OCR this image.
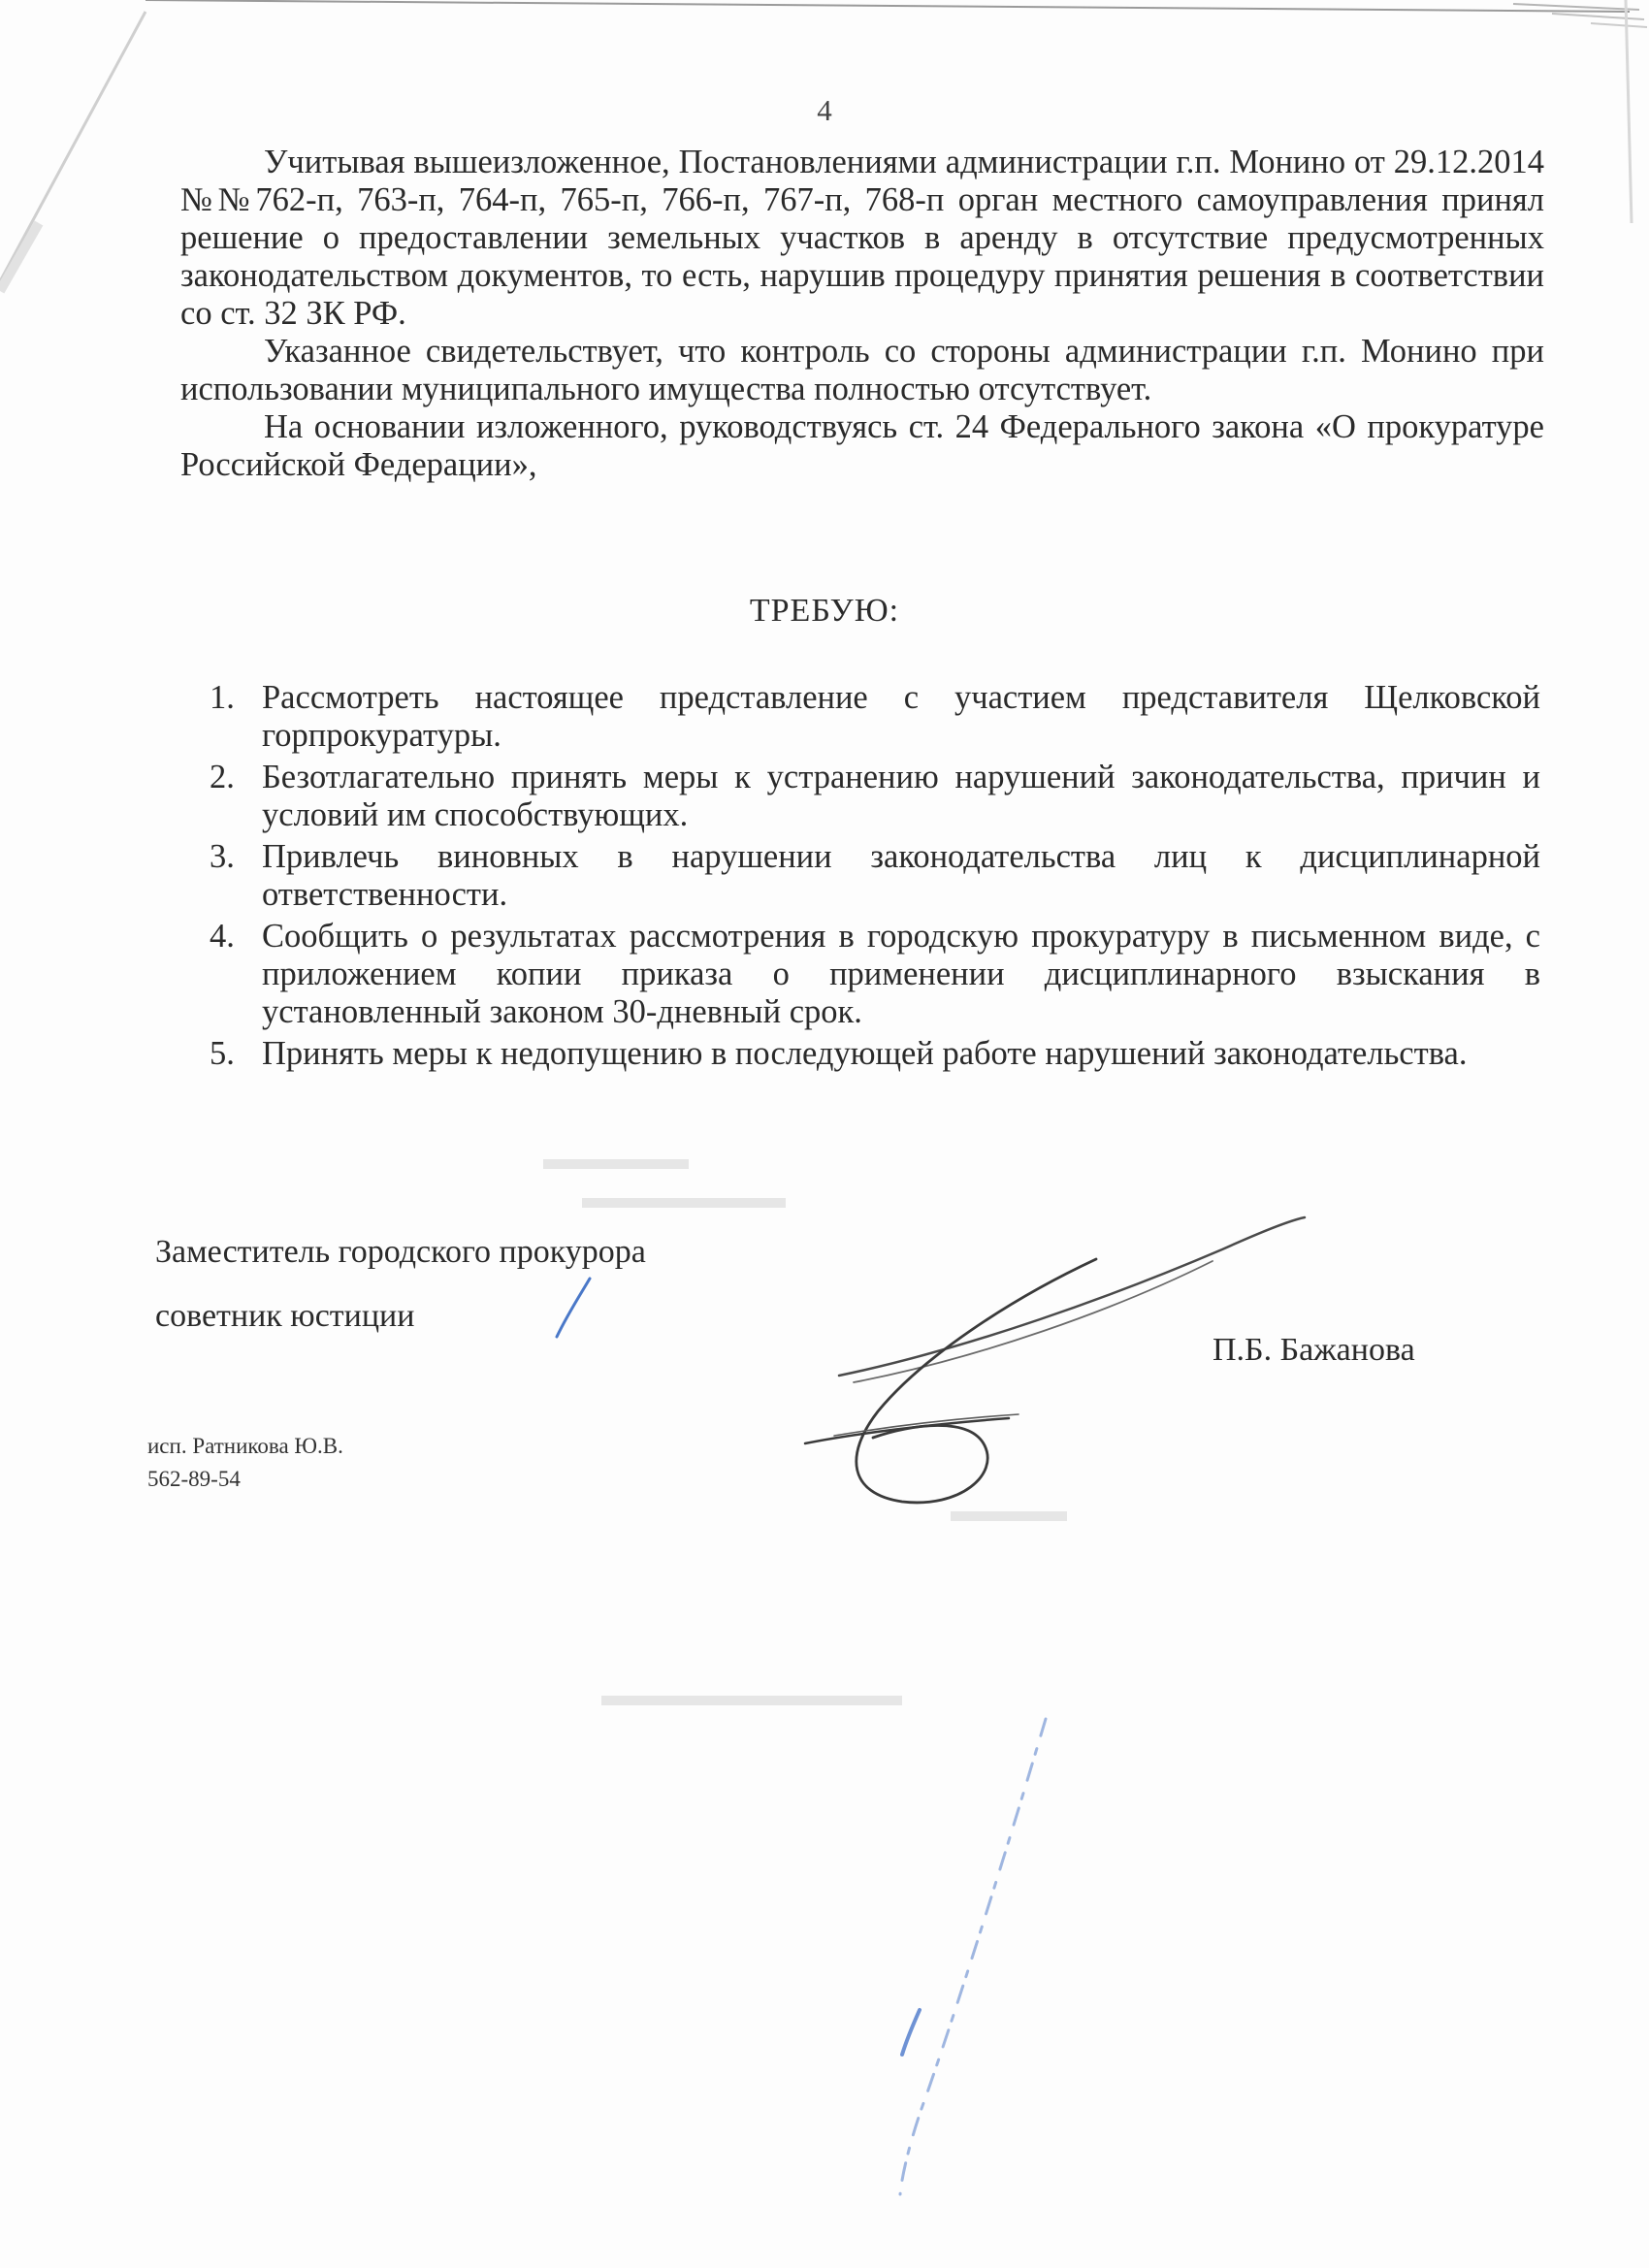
4

Учитывая вышеизложенное, Постановлениями администрации г.п. Монино от 29.12.2014 №№762-п, 763-п, 764-п, 765-п, 766-п, 767-п, 768-п орган местного самоуправления принял решение о предоставлении земельных участков в аренду в отсутствие предусмотренных законодательством документов, то есть, нарушив процедуру принятия решения в соответствии со ст. 32 ЗК РФ.

Указанное свидетельствует, что контроль со стороны администрации г.п. Монино при использовании муниципального имущества полностью отсутствует.

На основании изложенного, руководствуясь ст. 24 Федерального закона «О прокуратуре Российской Федерации»,

ТРЕБУЮ:
1. Рассмотреть настоящее представление с участием представителя Щелковской горпрокуратуры.
2. Безотлагательно принять меры к устранению нарушений законодательства, причин и условий им способствующих.
3. Привлечь виновных в нарушении законодательства лиц к дисциплинарной ответственности.
4. Сообщить о результатах рассмотрения в городскую прокуратуру в письменном виде, с приложением копии приказа о применении дисциплинарного взыскания в установленный законом 30-дневный срок.
5. Принять меры к недопущению в последующей работе нарушений законодательства.
Заместитель городского прокурора
советник юстиции
П.Б. Бажанова
исп. Ратникова Ю.В.
562-89-54
